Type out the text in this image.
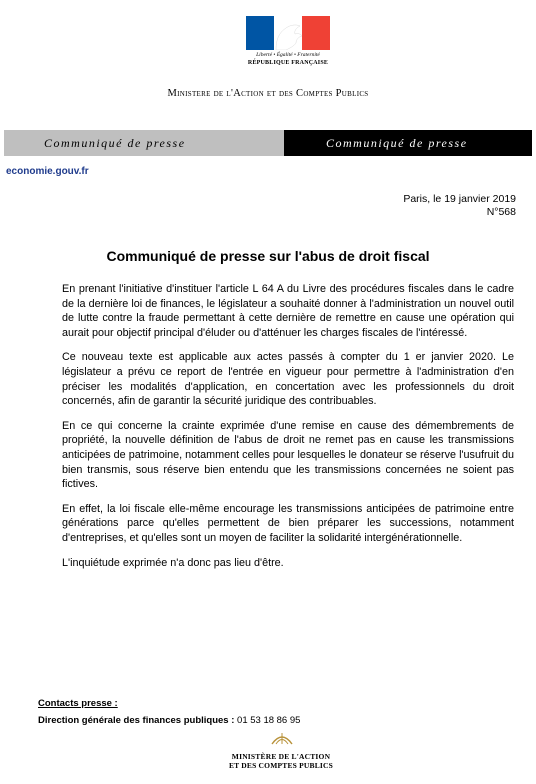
Liberté • Égalité • Fraternité
RÉPUBLIQUE FRANÇAISE
Ministere de l'Action et des Comptes Publics
Communiqué de presse	Communiqué de presse
economie.gouv.fr
Paris, le 19 janvier 2019
N°568
Communiqué de presse sur l'abus de droit fiscal

En prenant l'initiative d'instituer l'article L 64 A du Livre des procédures fiscales dans le cadre de la dernière loi de finances, le législateur a souhaité donner à l'administration un nouvel outil de lutte contre la fraude permettant à cette dernière de remettre en cause une opération qui aurait pour objectif principal d'éluder ou d'atténuer les charges fiscales de l'intéressé.

Ce nouveau texte est applicable aux actes passés à compter du 1 er janvier 2020. Le législateur a prévu ce report de l'entrée en vigueur pour permettre à l'administration d'en préciser les modalités d'application, en concertation avec les professionnels du droit concernés, afin de garantir la sécurité juridique des contribuables.

En ce qui concerne la crainte exprimée d'une remise en cause des démembrements de propriété, la nouvelle définition de l'abus de droit ne remet pas en cause les transmissions anticipées de patrimoine, notamment celles pour lesquelles le donateur se réserve l'usufruit du bien transmis, sous réserve bien entendu que les transmissions concernées ne soient pas fictives.

En effet, la loi fiscale elle-même encourage les transmissions anticipées de patrimoine entre générations parce qu'elles permettent de bien préparer les successions, notamment d'entreprises, et qu'elles sont un moyen de faciliter la solidarité intergénérationnelle.

L'inquiétude exprimée n'a donc pas lieu d'être.

Contacts presse :
Direction générale des finances publiques : 01 53 18 86 95
MINISTÈRE DE L'ACTION
ET DES COMPTES PUBLICS
